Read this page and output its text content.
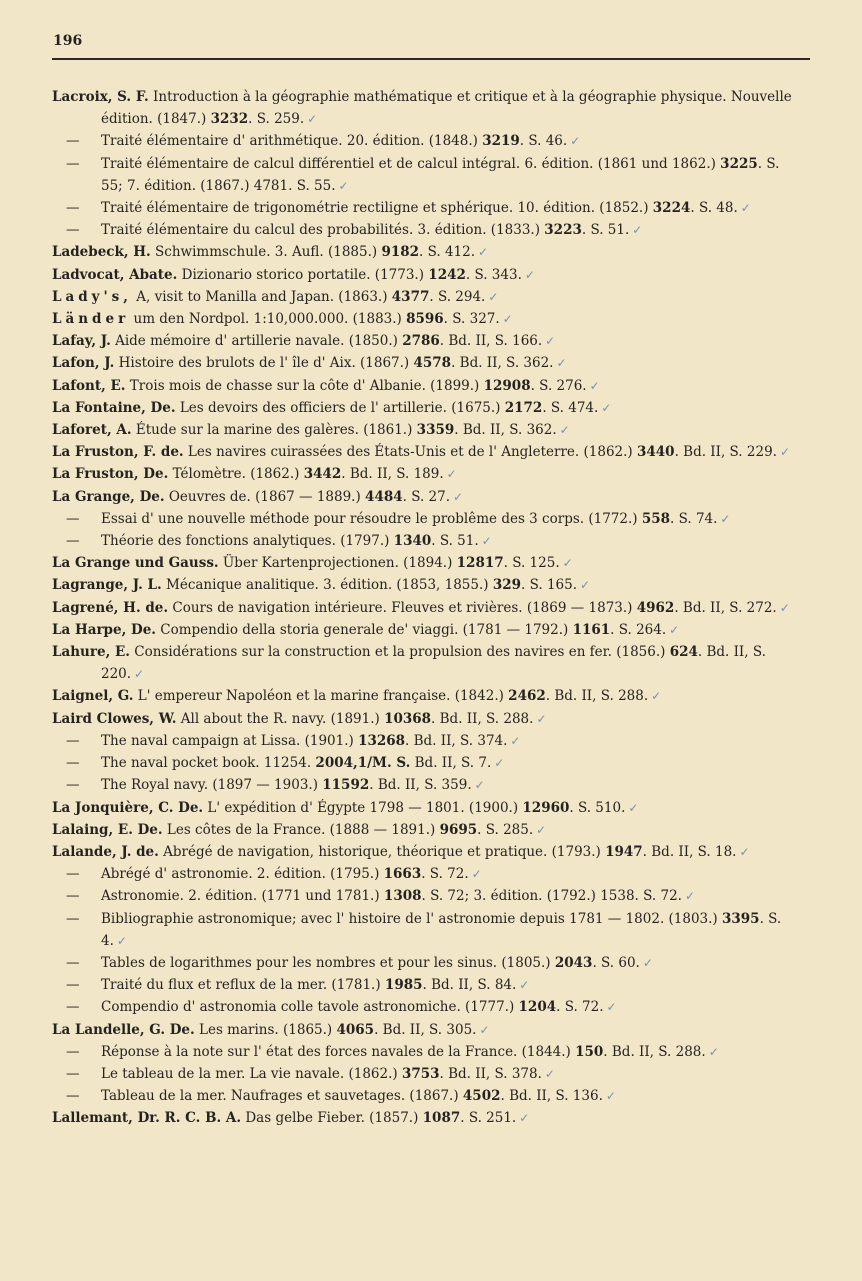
196
Lacroix, S. F. Introduction à la géographie mathématique et critique et à la géographie physique. Nouvelle édition. (1847.) 3232. S. 259. ✓
— Traité élémentaire d' arithmétique. 20. édition. (1848.) 3219. S. 46. ✓
— Traité élémentaire de calcul différentiel et de calcul intégral. 6. édition. (1861 und 1862.) 3225. S. 55; 7. édition. (1867.) 4781. S. 55. ✓
— Traité élémentaire de trigonométrie rectiligne et sphérique. 10. édition. (1852.) 3224. S. 48. ✓
— Traité élémentaire du calcul des probabilités. 3. édition. (1833.) 3223. S. 51. ✓
Ladebeck, H. Schwimmschule. 3. Aufl. (1885.) 9182. S. 412. ✓
Ladvocat, Abate. Dizionario storico portatile. (1773.) 1242. S. 343. ✓
Lady's, A, visit to Manilla and Japan. (1863.) 4377. S. 294. ✓
Länder um den Nordpol. 1:10,000.000. (1883.) 8596. S. 327. ✓
Lafay, J. Aide mémoire d' artillerie navale. (1850.) 2786. Bd. II, S. 166. ✓
Lafon, J. Histoire des brulots de l' île d' Aix. (1867.) 4578. Bd. II, S. 362. ✓
Lafont, E. Trois mois de chasse sur la côte d' Albanie. (1899.) 12908. S. 276. ✓
La Fontaine, De. Les devoirs des officiers de l' artillerie. (1675.) 2172. S. 474. ✓
Laforet, A. Étude sur la marine des galères. (1861.) 3359. Bd. II, S. 362. ✓
La Fruston, F. de. Les navires cuirassées des États-Unis et de l' Angleterre. (1862.) 3440. Bd. II, S. 229. ✓
La Fruston, De. Télomètre. (1862.) 3442. Bd. II, S. 189. ✓
La Grange, De. Oeuvres de. (1867 — 1889.) 4484. S. 27. ✓
— Essai d' une nouvelle méthode pour résoudre le problême des 3 corps. (1772.) 558. S. 74. ✓
— Théorie des fonctions analytiques. (1797.) 1340. S. 51. ✓
La Grange und Gauss. Über Kartenprojectionen. (1894.) 12817. S. 125. ✓
Lagrange, J. L. Mécanique analitique. 3. édition. (1853, 1855.) 329. S. 165. ✓
Lagrené, H. de. Cours de navigation intérieure. Fleuves et rivières. (1869 — 1873.) 4962. Bd. II, S. 272. ✓
La Harpe, De. Compendio della storia generale de' viaggi. (1781 — 1792.) 1161. S. 264. ✓
Lahure, E. Considérations sur la construction et la propulsion des navires en fer. (1856.) 624. Bd. II, S. 220. ✓
Laignel, G. L' empereur Napoléon et la marine française. (1842.) 2462. Bd. II, S. 288. ✓
Laird Clowes, W. All about the R. navy. (1891.) 10368. Bd. II, S. 288. ✓
— The naval campaign at Lissa. (1901.) 13268. Bd. II, S. 374. ✓
— The naval pocket book. 11254. 2004,1/M. S. Bd. II, S. 7. ✓
— The Royal navy. (1897 — 1903.) 11592. Bd. II, S. 359. ✓
La Jonquière, C. De. L' expédition d' Égypte 1798 — 1801. (1900.) 12960. S. 510. ✓
Lalaing, E. De. Les côtes de la France. (1888 — 1891.) 9695. S. 285. ✓
Lalande, J. de. Abrégé de navigation, historique, théorique et pratique. (1793.) 1947. Bd. II, S. 18. ✓
— Abrégé d' astronomie. 2. édition. (1795.) 1663. S. 72. ✓
— Astronomie. 2. édition. (1771 und 1781.) 1308. S. 72; 3. édition. (1792.) 1538. S. 72. ✓
— Bibliographie astronomique; avec l' histoire de l' astronomie depuis 1781 — 1802. (1803.) 3395. S. 4. ✓
— Tables de logarithmes pour les nombres et pour les sinus. (1805.) 2043. S. 60. ✓
— Traité du flux et reflux de la mer. (1781.) 1985. Bd. II, S. 84. ✓
— Compendio d' astronomia colle tavole astronomiche. (1777.) 1204. S. 72. ✓
La Landelle, G. De. Les marins. (1865.) 4065. Bd. II, S. 305. ✓
— Réponse à la note sur l' état des forces navales de la France. (1844.) 150. Bd. II, S. 288. ✓
— Le tableau de la mer. La vie navale. (1862.) 3753. Bd. II, S. 378. ✓
— Tableau de la mer. Naufrages et sauvetages. (1867.) 4502. Bd. II, S. 136. ✓
Lallemant, Dr. R. C. B. A. Das gelbe Fieber. (1857.) 1087. S. 251. ✓
